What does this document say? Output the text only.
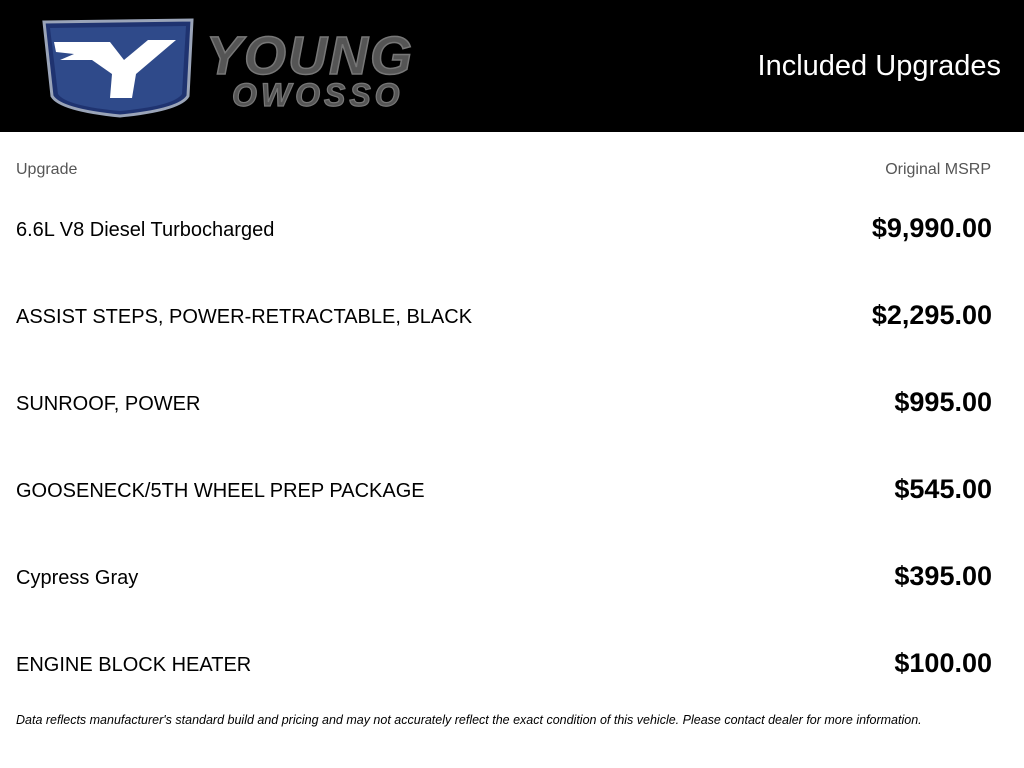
YOUNG
OWOSSO
Included Upgrades
Upgrade	Original MSRP
6.6L V8 Diesel Turbocharged	$9,990.00
ASSIST STEPS, POWER-RETRACTABLE, BLACK	$2,295.00
SUNROOF, POWER	$995.00
GOOSENECK/5TH WHEEL PREP PACKAGE	$545.00
Cypress Gray	$395.00
ENGINE BLOCK HEATER	$100.00
Data reflects manufacturer's standard build and pricing and may not accurately reflect the exact condition of this vehicle. Please contact dealer for more information.
